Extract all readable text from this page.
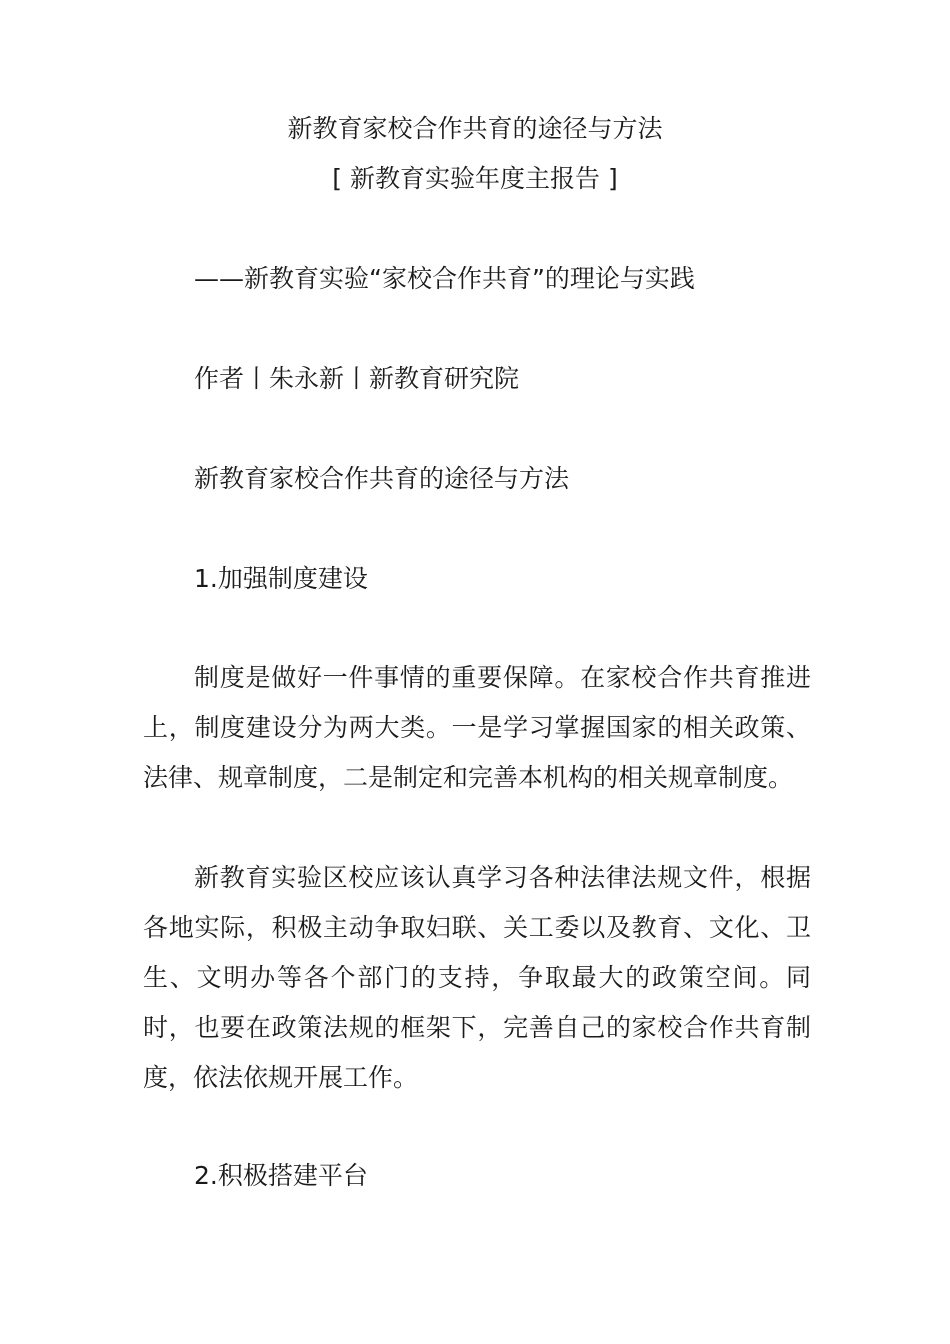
新教育家校合作共育的途径与方法
[ 新教育实验年度主报告 ]
——新教育实验“家校合作共育”的理论与实践
作者丨朱永新丨新教育研究院
新教育家校合作共育的途径与方法
1.加强制度建设

制度是做好一件事情的重要保障。在家校合作共育推进上，制度建设分为两大类。一是学习掌握国家的相关政策、法律、规章制度，二是制定和完善本机构的相关规章制度。

新教育实验区校应该认真学习各种法律法规文件，根据各地实际，积极主动争取妇联、关工委以及教育、文化、卫生、文明办等各个部门的支持，争取最大的政策空间。同时，也要在政策法规的框架下，完善自己的家校合作共育制度，依法依规开展工作。

2.积极搭建平台
